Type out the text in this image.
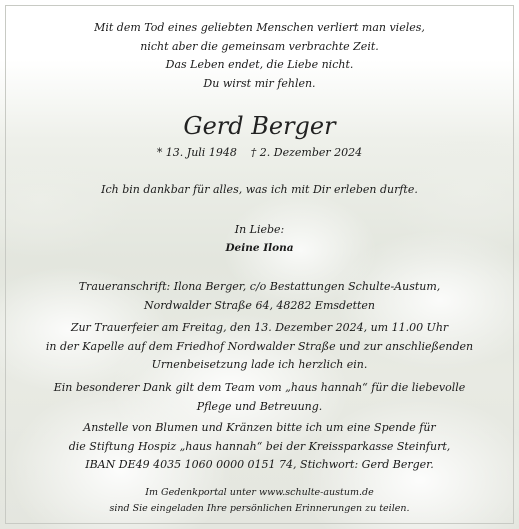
Mit dem Tod eines geliebten Menschen verliert man vieles,
nicht aber die gemeinsam verbrachte Zeit.
Das Leben endet, die Liebe nicht.
Du wirst mir fehlen.
Gerd Berger
* 13. Juli 1948    † 2. Dezember 2024
Ich bin dankbar für alles, was ich mit Dir erleben durfte.
In Liebe:
Deine Ilona
Traueranschrift: Ilona Berger, c/o Bestattungen Schulte-Austum,
Nordwalder Straße 64, 48282 Emsdetten
Zur Trauerfeier am Freitag, den 13. Dezember 2024, um 11.00 Uhr
in der Kapelle auf dem Friedhof Nordwalder Straße und zur anschließenden
Urnenbeisetzung lade ich herzlich ein.
Ein besonderer Dank gilt dem Team vom „haus hannah“ für die liebevolle
Pflege und Betreuung.
Anstelle von Blumen und Kränzen bitte ich um eine Spende für
die Stiftung Hospiz „haus hannah“ bei der Kreissparkasse Steinfurt,
IBAN DE49 4035 1060 0000 0151 74, Stichwort: Gerd Berger.
Im Gedenkportal unter www.schulte-austum.de
sind Sie eingeladen Ihre persönlichen Erinnerungen zu teilen.
